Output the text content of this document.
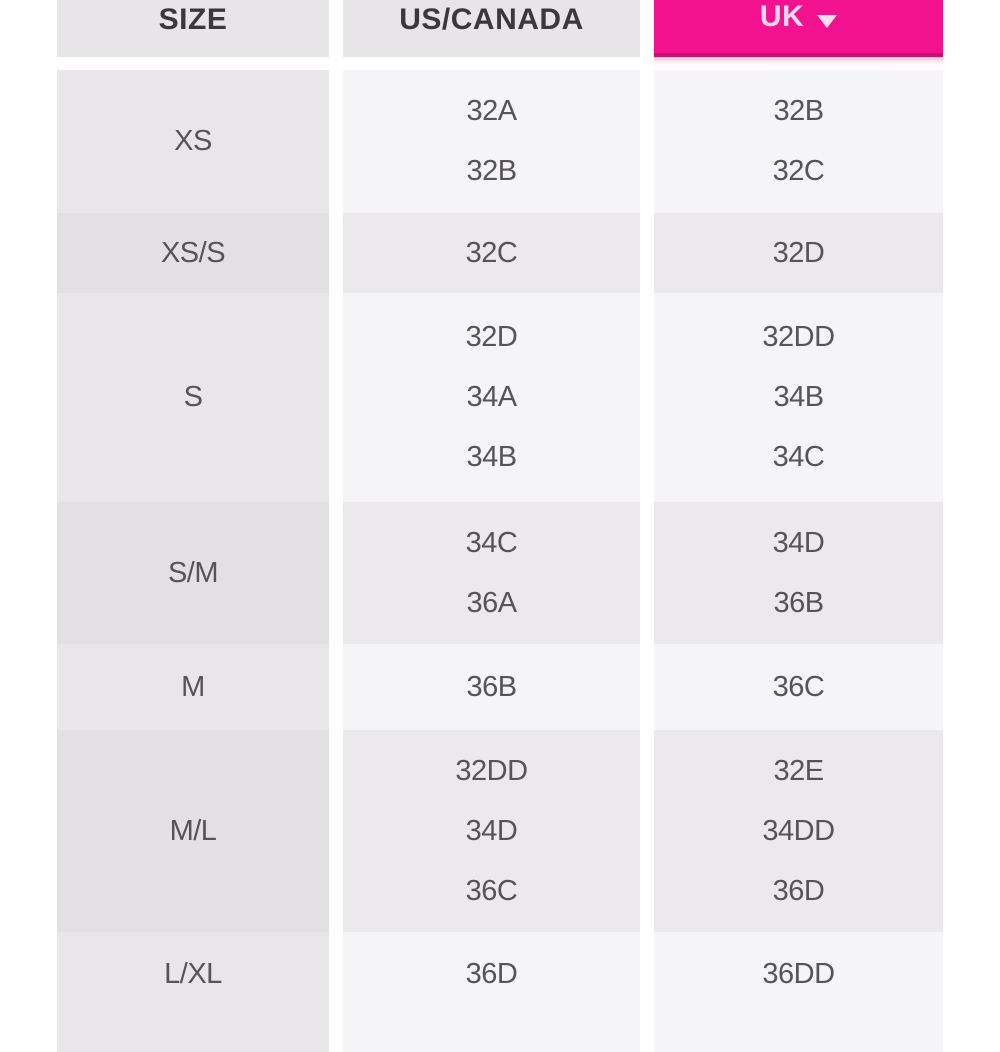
SIZE
XS
XS/S
S
S/M
M
M/L
L/XL
US/CANADA
32A
32B
32C
32D
34A
34B
34C
36A
36B
32DD
34D
36C
36D
UK
32B
32C
32D
32DD
34B
34C
34D
36B
36C
32E
34DD
36D
36DD
